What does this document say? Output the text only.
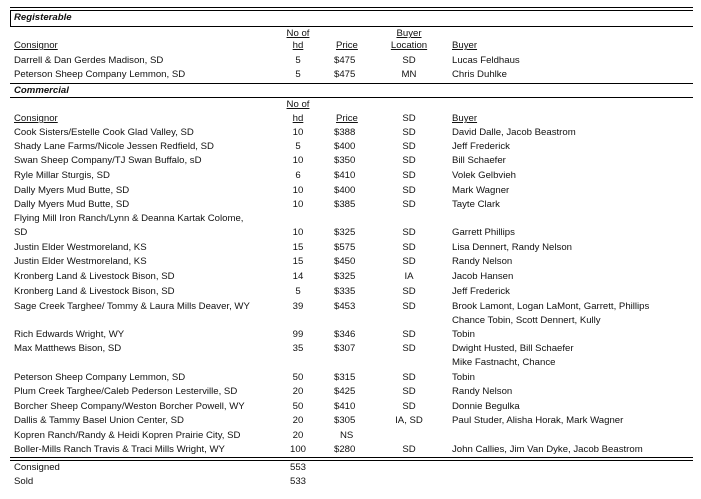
Registerable
No of	Buyer
Consignor	hd	Price	Location	Buyer
Darrell & Dan Gerdes Madison, SD	5	$475	SD	Lucas Feldhaus
Peterson Sheep Company Lemmon, SD	5	$475	MN	Chris Duhlke
Commercial
No of
Consignor	hd	Price	SD	Buyer
Cook Sisters/Estelle Cook Glad Valley, SD	10	$388	SD	David Dalle, Jacob Beastrom
Shady Lane Farms/Nicole Jessen Redfield, SD	5	$400	SD	Jeff Frederick
Swan Sheep Company/TJ Swan Buffalo, sD	10	$350	SD	Bill Schaefer
Ryle Millar Sturgis, SD	6	$410	SD	Volek Gelbvieh
Dally Myers Mud Butte, SD	10	$400	SD	Mark Wagner
Dally Myers Mud Butte, SD	10	$385	SD	Tayte Clark
Flying Mill Iron Ranch/Lynn & Deanna Kartak Colome,
SD	10	$325	SD	Garrett Phillips
Justin Elder Westmoreland, KS	15	$575	SD	Lisa Dennert, Randy Nelson
Justin Elder Westmoreland, KS	15	$450	SD	Randy Nelson
Kronberg Land & Livestock Bison, SD	14	$325	IA	Jacob Hansen
Kronberg Land & Livestock Bison, SD	5	$335	SD	Jeff Frederick
Sage Creek Targhee/ Tommy & Laura Mills Deaver, WY	39	$453	SD	Brook Lamont, Logan LaMont, Garrett, Phillips
Chance Tobin, Scott Dennert, Kully
Rich Edwards Wright, WY	99	$346	SD	Tobin
Max Matthews Bison, SD	35	$307	SD	Dwight Husted, Bill Schaefer
Mike Fastnacht, Chance
Peterson Sheep Company Lemmon, SD	50	$315	SD	Tobin
Plum Creek Targhee/Caleb Pederson Lesterville, SD	20	$425	SD	Randy Nelson
Borcher Sheep Company/Weston Borcher Powell, WY	50	$410	SD	Donnie Begulka
Dallis & Tammy Basel Union Center, SD	20	$305	IA, SD	Paul Studer, Alisha Horak, Mark Wagner
Kopren Ranch/Randy & Heidi Kopren Prairie City, SD	20	NS
Boller-Mills Ranch Travis & Traci Mills Wright, WY	100	$280	SD	John Callies, Jim Van Dyke, Jacob Beastrom
Consigned	553
Sold	533
